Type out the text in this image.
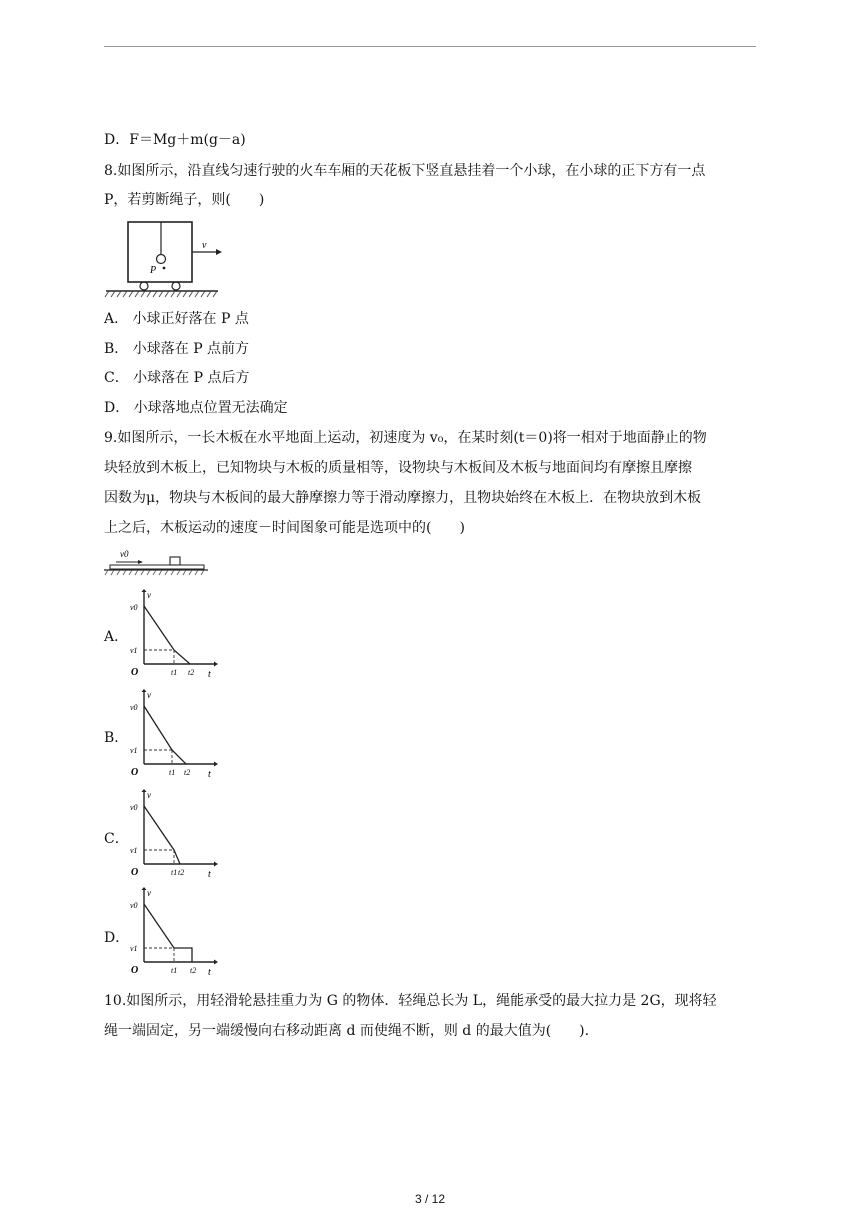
D．F＝Mg＋m(g－a)
8.如图所示，沿直线匀速行驶的火车车厢的天花板下竖直悬挂着一个小球，在小球的正下方有一点
P，若剪断绳子，则(　　)
P
v
A． 小球正好落在 P 点
B． 小球落在 P 点前方
C． 小球落在 P 点后方
D． 小球落地点位置无法确定
9.如图所示，一长木板在水平地面上运动，初速度为 v₀，在某时刻(t＝0)将一相对于地面静止的物
块轻放到木板上，已知物块与木板的质量相等，设物块与木板间及木板与地面间均有摩擦且摩擦
因数为μ，物块与木板间的最大静摩擦力等于滑动摩擦力，且物块始终在木板上．在物块放到木板
上之后，木板运动的速度－时间图象可能是选项中的(　　)
v0
A．
v
t
O
v0
v1
t1 t2
B．
v
t
O
v0
v1
t1 t2
C．
v
t
O
v0
v1
t1 t2
D．
v
t
O
v0
v1
t1 t2
10.如图所示，用轻滑轮悬挂重力为 G 的物体．轻绳总长为 L，绳能承受的最大拉力是 2G，现将轻
绳一端固定，另一端缓慢向右移动距离 d 而使绳不断，则 d 的最大值为(　　).
3 / 12
